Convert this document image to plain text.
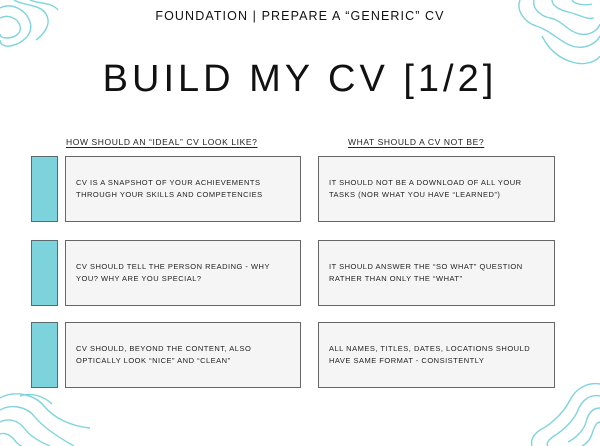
FOUNDATION | PREPARE A “GENERIC” CV
BUILD MY CV [1/2]
HOW SHOULD AN “IDEAL” CV LOOK LIKE?	WHAT SHOULD A CV NOT BE?
CV IS A SNAPSHOT OF YOUR ACHIEVEMENTS THROUGH YOUR SKILLS AND COMPETENCIES
IT SHOULD NOT BE A DOWNLOAD OF ALL YOUR TASKS (NOR WHAT YOU HAVE “LEARNED”)
CV SHOULD TELL THE PERSON READING - WHY YOU? WHY ARE YOU SPECIAL?
IT SHOULD ANSWER THE “SO WHAT” QUESTION RATHER THAN ONLY THE “WHAT”
CV SHOULD, BEYOND THE CONTENT, ALSO OPTICALLY LOOK “NICE” AND “CLEAN”
ALL NAMES, TITLES, DATES, LOCATIONS SHOULD HAVE SAME FORMAT - CONSISTENTLY
